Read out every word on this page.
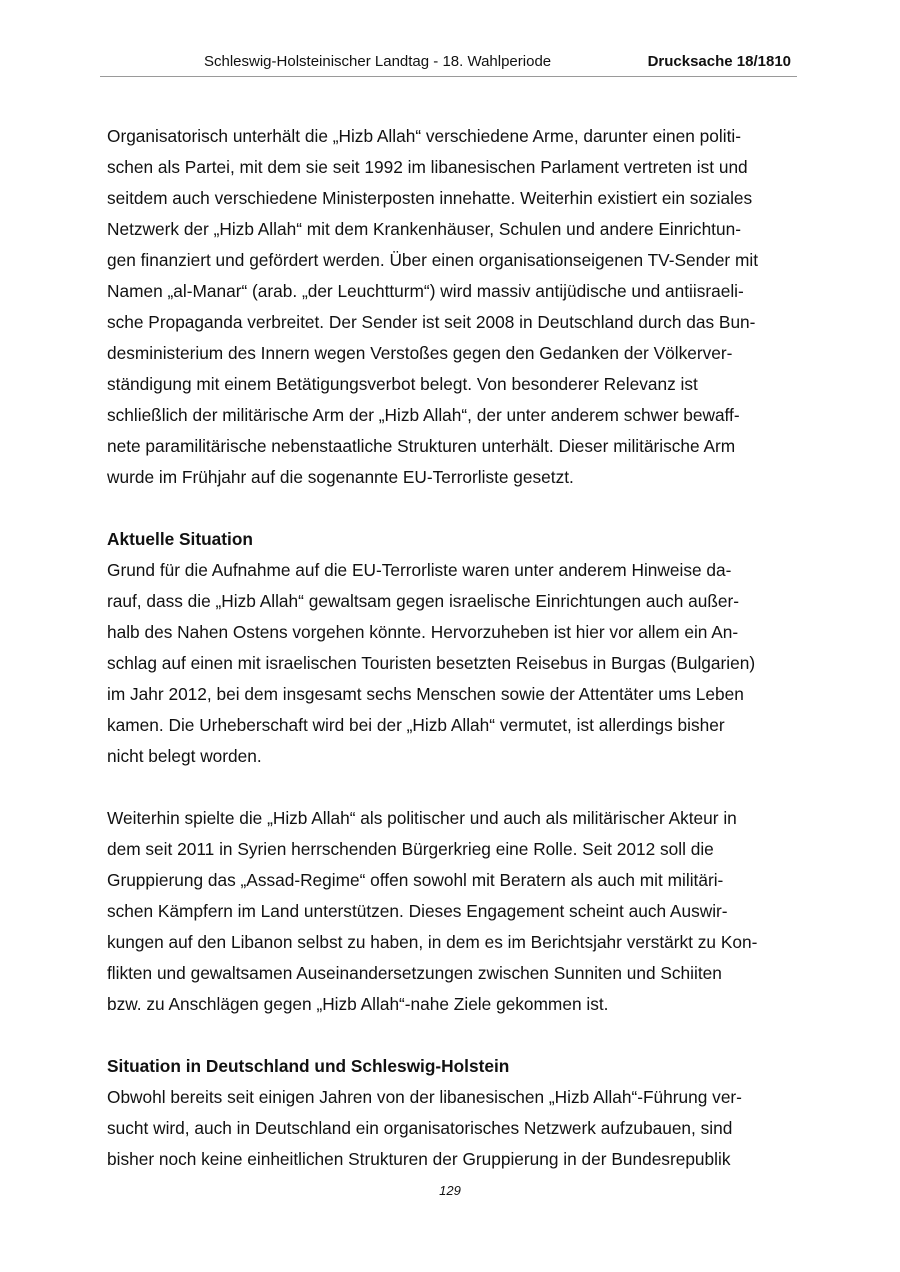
Schleswig-Holsteinischer Landtag - 18. Wahlperiode	Drucksache 18/1810
Organisatorisch unterhält die „Hizb Allah“ verschiedene Arme, darunter einen politi-
schen als Partei, mit dem sie seit 1992 im libanesischen Parlament vertreten ist und
seitdem auch verschiedene Ministerposten innehatte. Weiterhin existiert ein soziales
Netzwerk der „Hizb Allah“ mit dem Krankenhäuser, Schulen und andere Einrichtun-
gen finanziert und gefördert werden. Über einen organisationseigenen TV-Sender mit
Namen „al-Manar“ (arab. „der Leuchtturm“) wird massiv antijüdische und antiisraeli-
sche Propaganda verbreitet. Der Sender ist seit 2008 in Deutschland durch das Bun-
desministerium des Innern wegen Verstoßes gegen den Gedanken der Völkerver-
ständigung mit einem Betätigungsverbot belegt. Von besonderer Relevanz ist
schließlich der militärische Arm der „Hizb Allah“, der unter anderem schwer bewaff-
nete paramilitärische nebenstaatliche Strukturen unterhält. Dieser militärische Arm
wurde im Frühjahr auf die sogenannte EU-Terrorliste gesetzt.
Aktuelle Situation
Grund für die Aufnahme auf die EU-Terrorliste waren unter anderem Hinweise da-
rauf, dass die „Hizb Allah“ gewaltsam gegen israelische Einrichtungen auch außer-
halb des Nahen Ostens vorgehen könnte. Hervorzuheben ist hier vor allem ein An-
schlag auf einen mit israelischen Touristen besetzten Reisebus in Burgas (Bulgarien)
im Jahr 2012, bei dem insgesamt sechs Menschen sowie der Attentäter ums Leben
kamen. Die Urheberschaft wird bei der „Hizb Allah“ vermutet, ist allerdings bisher
nicht belegt worden.
Weiterhin spielte die „Hizb Allah“ als politischer und auch als militärischer Akteur in
dem seit 2011 in Syrien herrschenden Bürgerkrieg eine Rolle. Seit 2012 soll die
Gruppierung das „Assad-Regime“ offen sowohl mit Beratern als auch mit militäri-
schen Kämpfern im Land unterstützen. Dieses Engagement scheint auch Auswir-
kungen auf den Libanon selbst zu haben, in dem es im Berichtsjahr verstärkt zu Kon-
flikten und gewaltsamen Auseinandersetzungen zwischen Sunniten und Schiiten
bzw. zu Anschlägen gegen „Hizb Allah“-nahe Ziele gekommen ist.
Situation in Deutschland und Schleswig-Holstein
Obwohl bereits seit einigen Jahren von der libanesischen „Hizb Allah“-Führung ver-
sucht wird, auch in Deutschland ein organisatorisches Netzwerk aufzubauen, sind
bisher noch keine einheitlichen Strukturen der Gruppierung in der Bundesrepublik
129
